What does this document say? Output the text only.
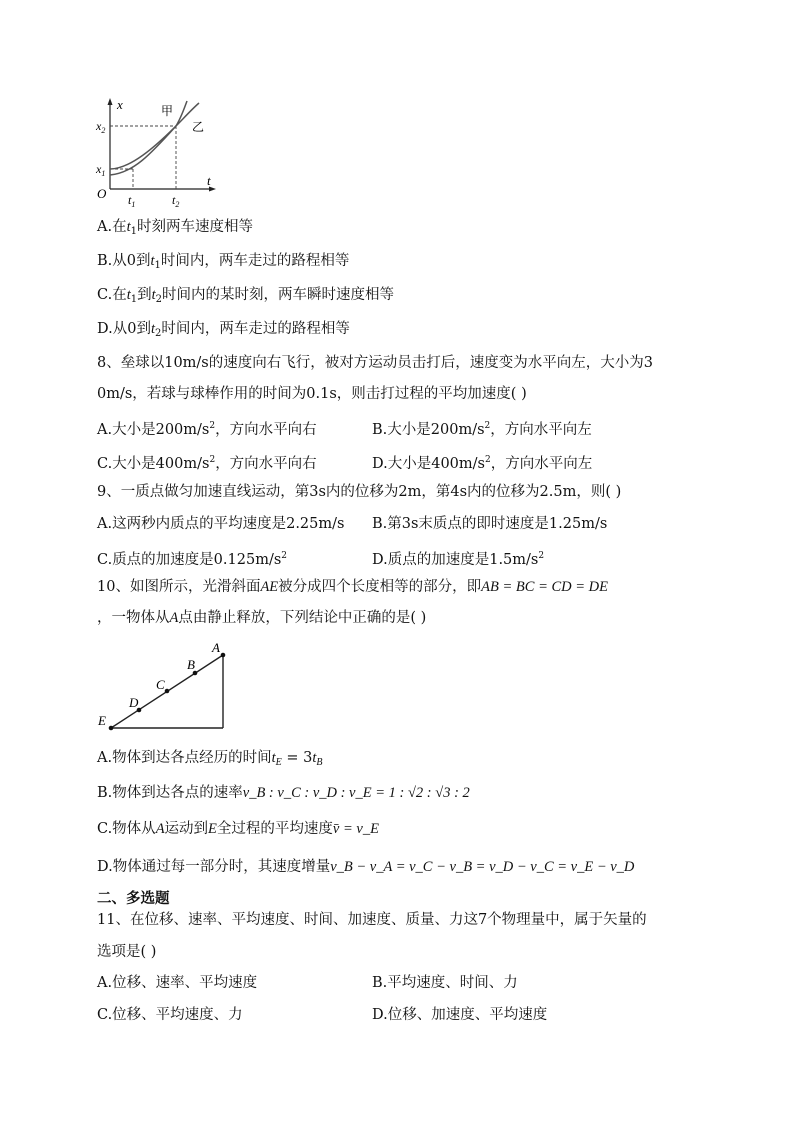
x
t
O
$x_2$
$x_1$
$t_1$	$t_2$
甲
乙
A.在$t_1$时刻两车速度相等
B.从0到$t_1$时间内，两车走过的路程相等
C.在$t_1$到$t_2$时间内的某时刻，两车瞬时速度相等
D.从0到$t_2$时间内，两车走过的路程相等
8、垒球以10m/s的速度向右飞行，被对方运动员击打后，速度变为水平向左，大小为3
0m/s，若球与球棒作用的时间为0.1s，则击打过程的平均加速度( )
A.大小是$200m/s^2$，方向水平向右	B.大小是$200m/s^2$，方向水平向左
C.大小是$400m/s^2$，方向水平向右	D.大小是$400m/s^2$，方向水平向左
9、一质点做匀加速直线运动，第3s内的位移为2m，第4s内的位移为2.5m，则( )
A.这两秒内质点的平均速度是2.25m/s B.第3s末质点的即时速度是1.25m/s
C.质点的加速度是$0.125m/s^2$	D.质点的加速度是$1.5m/s^2$
10、如图所示，光滑斜面AE被分成四个长度相等的部分，即AB = BC = CD = DE
，一物体从A点由静止释放，下列结论中正确的是( )
A
B
C
D
E
A.物体到达各点经历的时间$t_E = 3t_B$
B.物体到达各点的速率v_B : v_C : v_D : v_E = 1 : √2 : √3 : 2
C.物体从A运动到E全过程的平均速度v̄ = v_E
D.物体通过每一部分时，其速度增量v_B − v_A = v_C − v_B = v_D − v_C = v_E − v_D
二、多选题
11、在位移、速率、平均速度、时间、加速度、质量、力这7个物理量中，属于矢量的
选项是( )
A.位移、速率、平均速度	B.平均速度、时间、力
C.位移、平均速度、力	D.位移、加速度、平均速度
